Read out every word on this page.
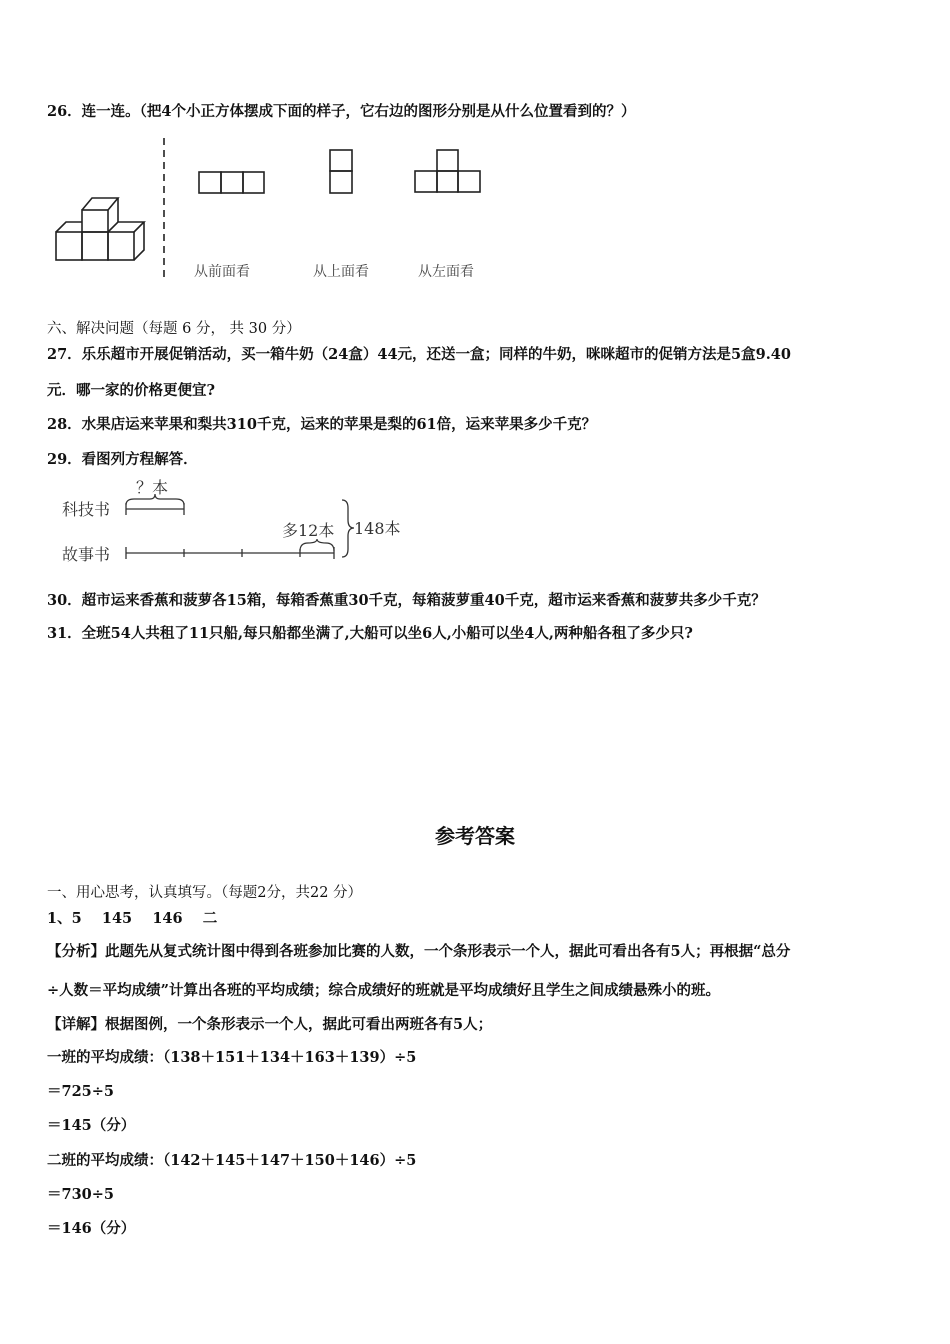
26．连一连。（把4个小正方体摆成下面的样子，它右边的图形分别是从什么位置看到的？）
从前面看	从上面看	从左面看
科技书
故事书
？本
多12本 148本
六、解决问题（每题 6 分， 共 30 分）
27．乐乐超市开展促销活动，买一箱牛奶（24盒）44元，还送一盒；同样的牛奶，咪咪超市的促销方法是5盒9.40
元．哪一家的价格更便宜?
28．水果店运来苹果和梨共310千克，运来的苹果是梨的61倍，运来苹果多少千克？
29．看图列方程解答．
30．超市运来香蕉和菠萝各15箱，每箱香蕉重30千克，每箱菠萝重40千克，超市运来香蕉和菠萝共多少千克？
31．全班54人共租了11只船,每只船都坐满了,大船可以坐6人,小船可以坐4人,两种船各租了多少只?
参考答案
一、用心思考，认真填写。（每题2分，共22 分）
1、5    145    146    二
【分析】此题先从复式统计图中得到各班参加比赛的人数，一个条形表示一个人，据此可看出各有5人；再根据“总分
÷人数＝平均成绩”计算出各班的平均成绩；综合成绩好的班就是平均成绩好且学生之间成绩悬殊小的班。
【详解】根据图例，一个条形表示一个人，据此可看出两班各有5人；
一班的平均成绩：（138＋151＋134＋163＋139）÷5
＝725÷5
＝145（分）
二班的平均成绩：（142＋145＋147＋150＋146）÷5
＝730÷5
＝146（分）
